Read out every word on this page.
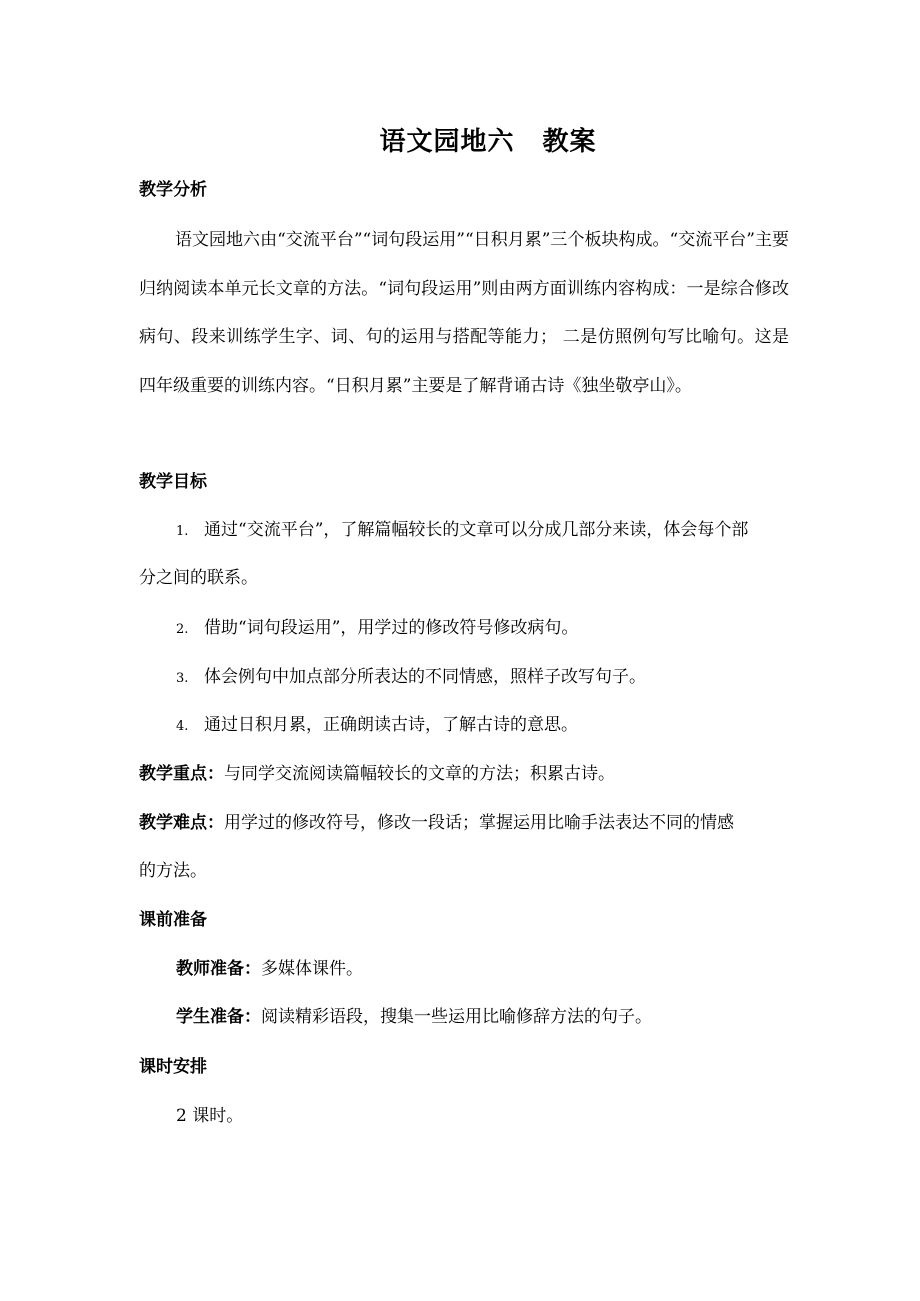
语文园地六 教案
教学分析

语文园地六由“交流平台”“词句段运用”“日积月累”三个板块构成。“交流平台”主要归纳阅读本单元长文章的方法。“词句段运用”则由两方面训练内容构成：一是综合修改病句、段来训练学生字、词、句的运用与搭配等能力； 二是仿照例句写比喻句。这是四年级重要的训练内容。“日积月累”主要是了解背诵古诗《独坐敬亭山》。

教学目标
1. 通过“交流平台”，了解篇幅较长的文章可以分成几部分来读，体会每个部
分之间的联系。
2. 借助“词句段运用”，用学过的修改符号修改病句。
3. 体会例句中加点部分所表达的不同情感，照样子改写句子。
4. 通过日积月累，正确朗读古诗，了解古诗的意思。
教学重点：与同学交流阅读篇幅较长的文章的方法；积累古诗。
教学难点：用学过的修改符号，修改一段话；掌握运用比喻手法表达不同的情感
的方法。
课前准备
教师准备：多媒体课件。
学生准备：阅读精彩语段，搜集一些运用比喻修辞方法的句子。
课时安排
2 课时。
